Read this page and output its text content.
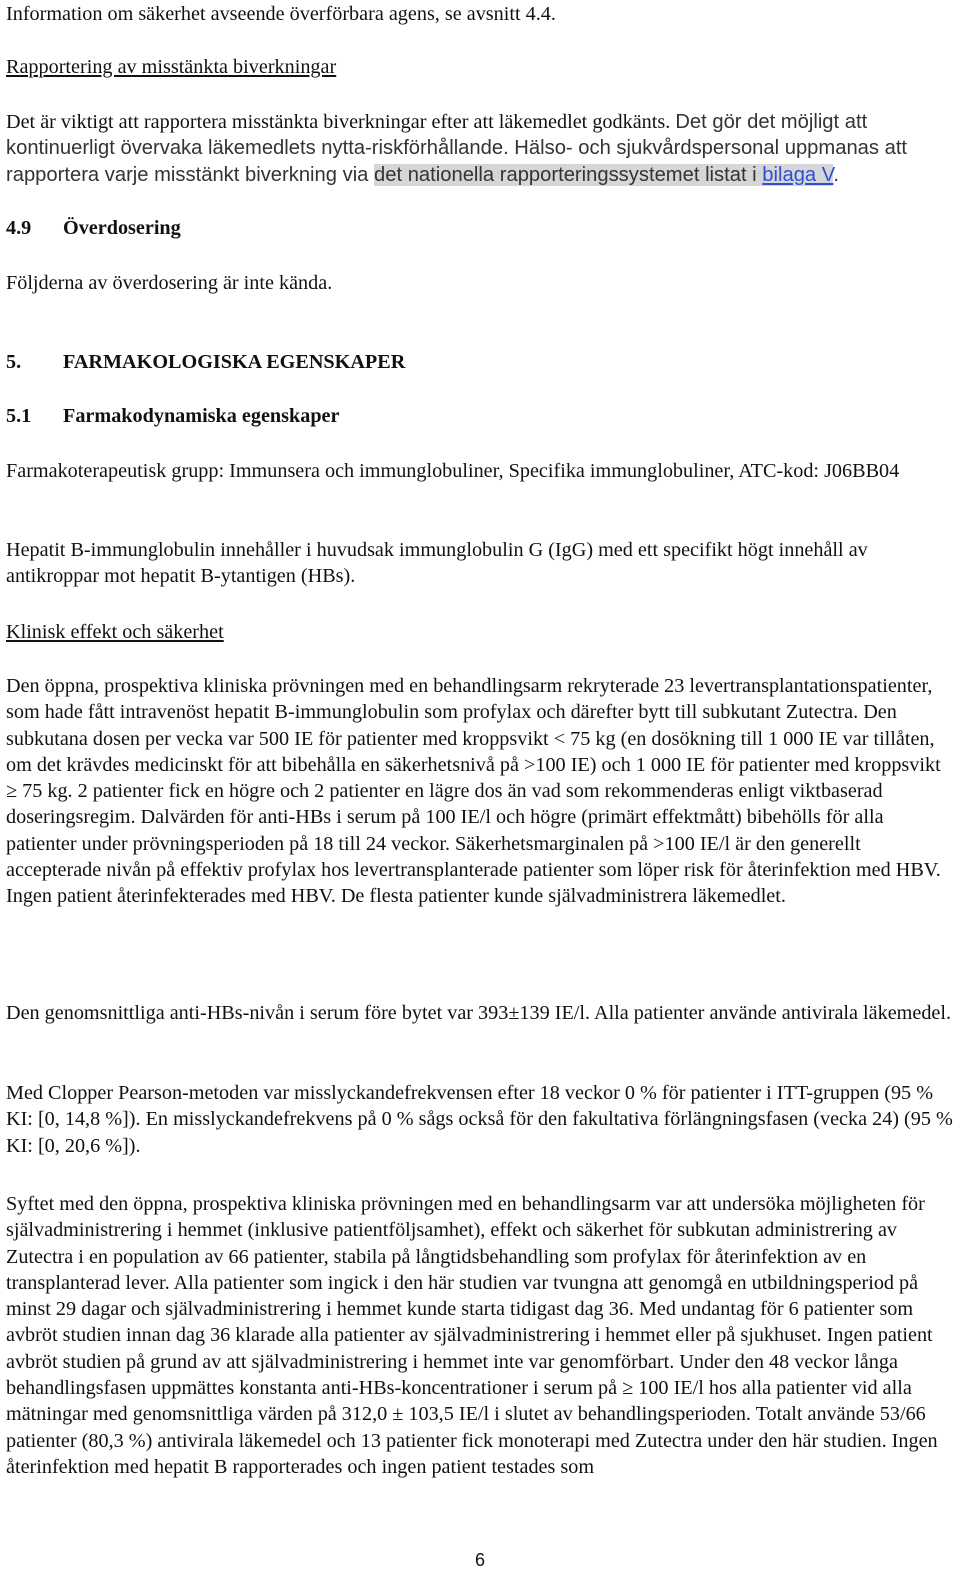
Information om säkerhet avseende överförbara agens, se avsnitt 4.4.

Rapportering av misstänkta biverkningar

Det är viktigt att rapportera misstänkta biverkningar efter att läkemedlet godkänts. Det gör det möjligt att kontinuerligt övervaka läkemedlets nytta-riskförhållande. Hälso- och sjukvårdspersonal uppmanas att rapportera varje misstänkt biverkning via det nationella rapporteringssystemet listat i bilaga V.

4.9 Överdosering

Följderna av överdosering är inte kända.

5. FARMAKOLOGISKA EGENSKAPER

5.1 Farmakodynamiska egenskaper

Farmakoterapeutisk grupp: Immunsera och immunglobuliner, Specifika immunglobuliner, ATC-kod: J06BB04

Hepatit B-immunglobulin innehåller i huvudsak immunglobulin G (IgG) med ett specifikt högt innehåll av antikroppar mot hepatit B-ytantigen (HBs).

Klinisk effekt och säkerhet

Den öppna, prospektiva kliniska prövningen med en behandlingsarm rekryterade 23 levertransplantationspatienter, som hade fått intravenöst hepatit B-immunglobulin som profylax och därefter bytt till subkutant Zutectra. Den subkutana dosen per vecka var 500 IE för patienter med kroppsvikt < 75 kg (en dosökning till 1 000 IE var tillåten, om det krävdes medicinskt för att bibehålla en säkerhetsnivå på >100 IE) och 1 000 IE för patienter med kroppsvikt ≥ 75 kg. 2 patienter fick en högre och 2 patienter en lägre dos än vad som rekommenderas enligt viktbaserad doseringsregim. Dalvärden för anti-HBs i serum på 100 IE/l och högre (primärt effektmått) bibehölls för alla patienter under prövningsperioden på 18 till 24 veckor. Säkerhetsmarginalen på >100 IE/l är den generellt accepterade nivån på effektiv profylax hos levertransplanterade patienter som löper risk för återinfektion med HBV. Ingen patient återinfekterades med HBV. De flesta patienter kunde självadministrera läkemedlet.

Den genomsnittliga anti-HBs-nivån i serum före bytet var 393±139 IE/l. Alla patienter använde antivirala läkemedel.

Med Clopper Pearson-metoden var misslyckandefrekvensen efter 18 veckor 0 % för patienter i ITT-gruppen (95 % KI: [0, 14,8 %]). En misslyckandefrekvens på 0 % sågs också för den fakultativa förlängningsfasen (vecka 24) (95 % KI: [0, 20,6 %]).

Syftet med den öppna, prospektiva kliniska prövningen med en behandlingsarm var att undersöka möjligheten för självadministrering i hemmet (inklusive patientföljsamhet), effekt och säkerhet för subkutan administrering av Zutectra i en population av 66 patienter, stabila på långtidsbehandling som profylax för återinfektion av en transplanterad lever. Alla patienter som ingick i den här studien var tvungna att genomgå en utbildningsperiod på minst 29 dagar och självadministrering i hemmet kunde starta tidigast dag 36. Med undantag för 6 patienter som avbröt studien innan dag 36 klarade alla patienter av självadministrering i hemmet eller på sjukhuset. Ingen patient avbröt studien på grund av att självadministrering i hemmet inte var genomförbart. Under den 48 veckor långa behandlingsfasen uppmättes konstanta anti-HBs-koncentrationer i serum på ≥ 100 IE/l hos alla patienter vid alla mätningar med genomsnittliga värden på 312,0 ± 103,5 IE/l i slutet av behandlingsperioden. Totalt använde 53/66 patienter (80,3 %) antivirala läkemedel och 13 patienter fick monoterapi med Zutectra under den här studien. Ingen återinfektion med hepatit B rapporterades och ingen patient testades som

6
